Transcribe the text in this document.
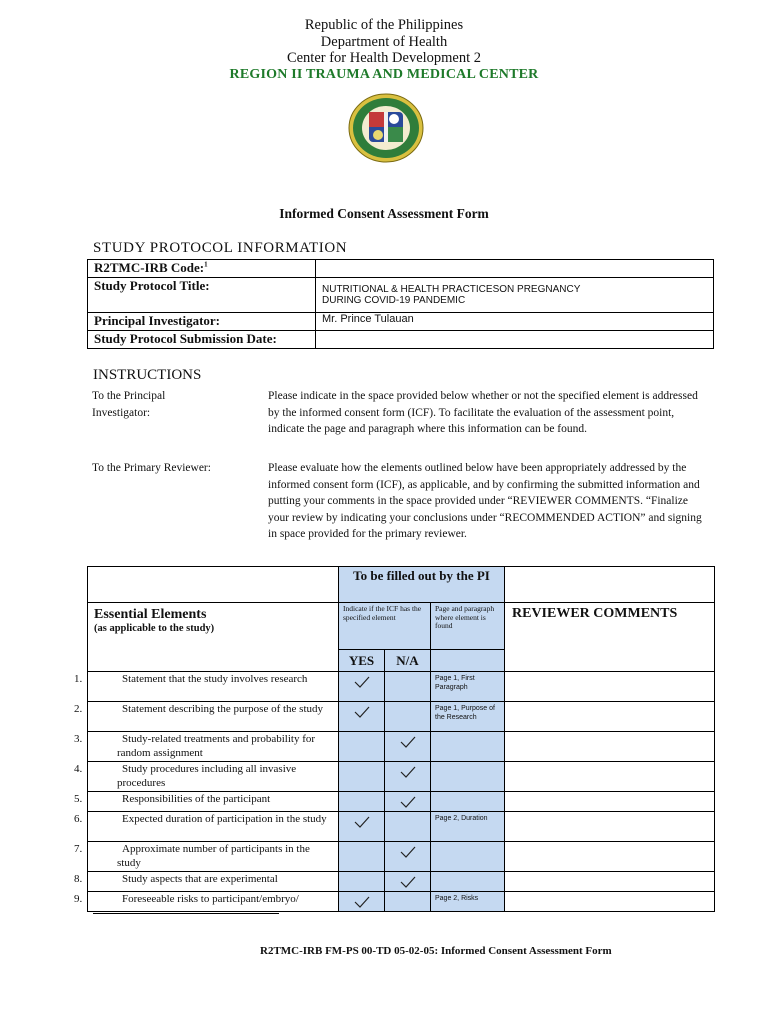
Republic of the Philippines
Department of Health
Center for Health Development 2
REGION II TRAUMA AND MEDICAL CENTER
Informed Consent Assessment Form
STUDY PROTOCOL INFORMATION
R2TMC-IRB Code:$^1$	
Study Protocol Title:	NUTRITIONAL & HEALTH PRACTICESON PREGNANCY
DURING COVID-19 PANDEMIC

Principal Investigator:	Mr. Prince Tulauan
Study Protocol Submission Date:	
INSTRUCTIONS
To the Principal
Investigator:
Please indicate in the space provided below whether or not the specified element is addressed by the informed consent form (ICF). To facilitate the evaluation of the assessment point, indicate the page and paragraph where this information can be found.
To the Primary Reviewer:	Please evaluate how the elements outlined below have been appropriately addressed by the informed consent form (ICF), as applicable, and by confirming the submitted information and putting your comments in the space provided under “REVIEWER COMMENTS. “Finalize your review by indicating your conclusions under “RECOMMENDED ACTION” and signing in space provided for the primary reviewer.
	To be filled out by the PI			

Essential Elements
(as applicable to the study)	Indicate if the ICF has the specified element		Page and paragraph where element is found	REVIEWER COMMENTS
	YES	N/A		

1. Statement that the study involves research			Page 1, First Paragraph	

2. Statement describing the purpose of the study			Page 1, Purpose of the Research	

3. Study-related treatments and probability for random assignment

4. Study procedures including all invasive procedures

5. Responsibilities of the participant

6. Expected duration of participation in the study			Page 2, Duration	

7. Approximate number of participants in the study

8. Study aspects that are experimental

9. Foreseeable risks to participant/embryo/			Page 2, Risks	

R2TMC-IRB FM-PS 00-TD 05-02-05: Informed Consent Assessment Form
